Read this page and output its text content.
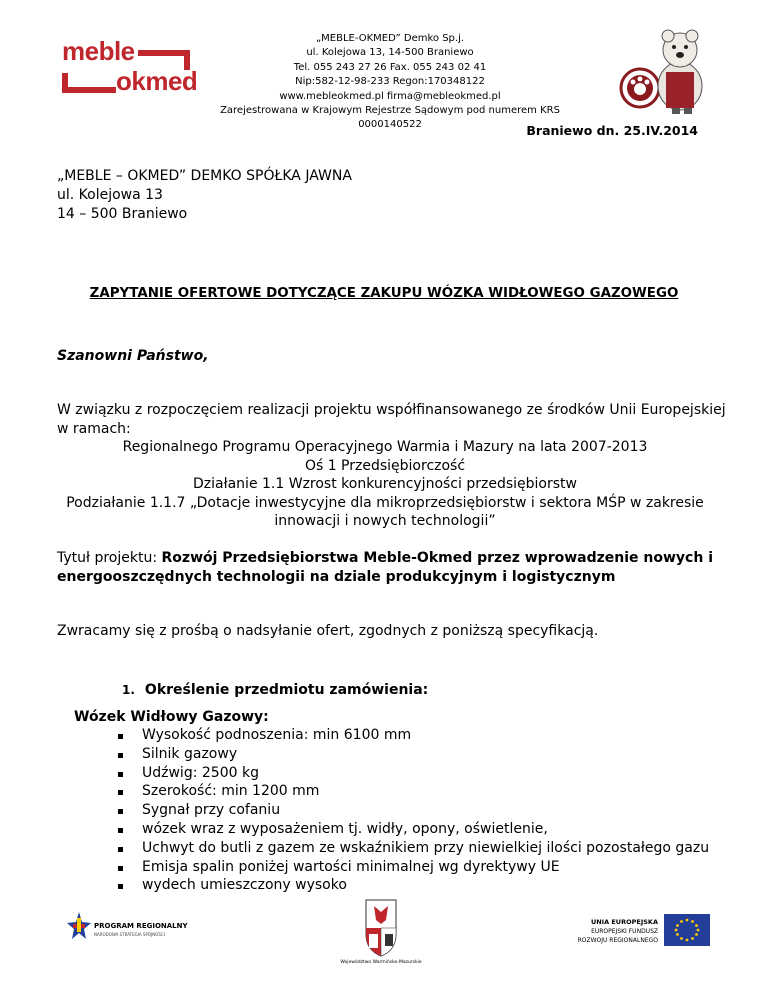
meble
okmed
„MEBLE-OKMED” Demko Sp.j.
ul. Kolejowa 13, 14-500 Braniewo
Tel. 055 243 27 26 Fax. 055 243 02 41
Nip:582-12-98-233 Regon:170348122
www.mebleokmed.pl firma@mebleokmed.pl
Zarejestrowana w Krajowym Rejestrze Sądowym pod numerem KRS 0000140522	Braniewo dn. 25.IV.2014
„MEBLE – OKMED” DEMKO SPÓŁKA JAWNA
ul. Kolejowa 13
14 – 500 Braniewo
ZAPYTANIE OFERTOWE DOTYCZĄCE ZAKUPU WÓZKA WIDŁOWEGO GAZOWEGO
Szanowni Państwo,
W związku z rozpoczęciem realizacji projektu współfinansowanego ze środków Unii Europejskiej
w ramach:
Regionalnego Programu Operacyjnego Warmia i Mazury na lata 2007-2013
Oś 1 Przedsiębiorczość
Działanie 1.1 Wzrost konkurencyjności przedsiębiorstw
Podziałanie 1.1.7 „Dotacje inwestycyjne dla mikroprzedsiębiorstw i sektora MŚP w zakresie
innowacji i nowych technologii”
Tytuł projektu: Rozwój Przedsiębiorstwa Meble-Okmed przez wprowadzenie nowych i
energooszczędnych technologii na dziale produkcyjnym i logistycznym
Zwracamy się z prośbą o nadsyłanie ofert, zgodnych z poniższą specyfikacją.
1. Określenie przedmiotu zamówienia:
Wózek Widłowy Gazowy:
Wysokość podnoszenia: min 6100 mm
Silnik gazowy
Udźwig: 2500 kg
Szerokość: min 1200 mm
Sygnał przy cofaniu
wózek wraz z wyposażeniem tj. widły, opony, oświetlenie,
Uchwyt do butli z gazem ze wskaźnikiem przy niewielkiej ilości pozostałego gazu
Emisja spalin poniżej wartości minimalnej wg dyrektywy UE
wydech umieszczony wysoko
PROGRAM REGIONALNY
NARODOWA STRATEGIA SPÓJNOŚCI
Województwo Warmińsko-Mazurskie
UNIA EUROPEJSKA
EUROPEJSKI FUNDUSZ
ROZWOJU REGIONALNEGO
